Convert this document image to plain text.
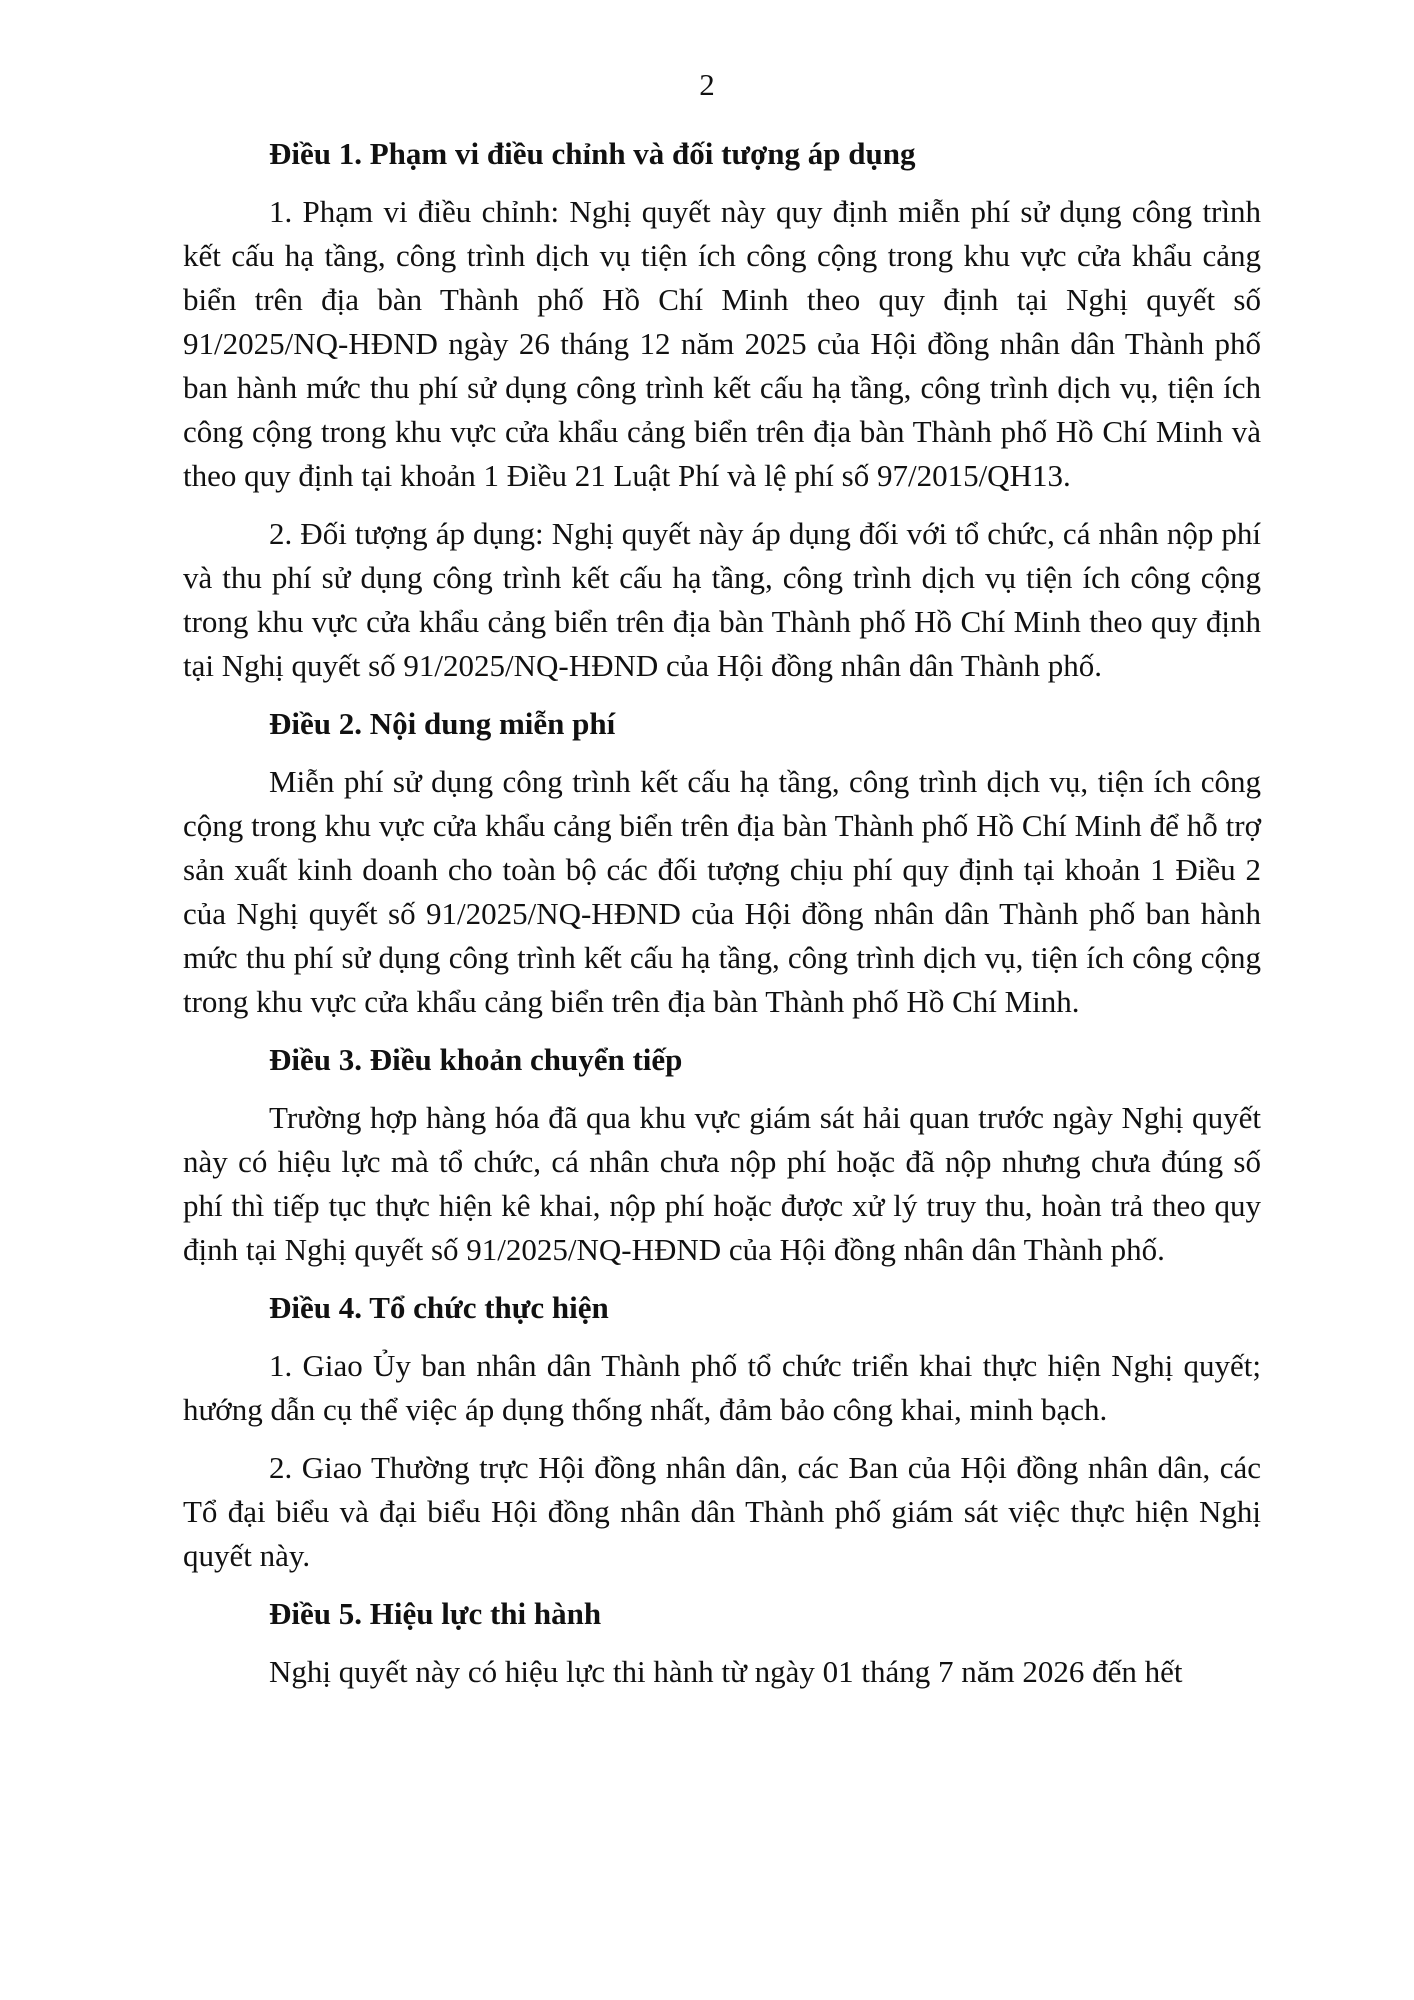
2
Điều 1. Phạm vi điều chỉnh và đối tượng áp dụng
1. Phạm vi điều chỉnh: Nghị quyết này quy định miễn phí sử dụng công trình kết cấu hạ tầng, công trình dịch vụ tiện ích công cộng trong khu vực cửa khẩu cảng biển trên địa bàn Thành phố Hồ Chí Minh theo quy định tại Nghị quyết số 91/2025/NQ-HĐND ngày 26 tháng 12 năm 2025 của Hội đồng nhân dân Thành phố ban hành mức thu phí sử dụng công trình kết cấu hạ tầng, công trình dịch vụ, tiện ích công cộng trong khu vực cửa khẩu cảng biển trên địa bàn Thành phố Hồ Chí Minh và theo quy định tại khoản 1 Điều 21 Luật Phí và lệ phí số 97/2015/QH13.
2. Đối tượng áp dụng: Nghị quyết này áp dụng đối với tổ chức, cá nhân nộp phí và thu phí sử dụng công trình kết cấu hạ tầng, công trình dịch vụ tiện ích công cộng trong khu vực cửa khẩu cảng biển trên địa bàn Thành phố Hồ Chí Minh theo quy định tại Nghị quyết số 91/2025/NQ-HĐND của Hội đồng nhân dân Thành phố.
Điều 2. Nội dung miễn phí
Miễn phí sử dụng công trình kết cấu hạ tầng, công trình dịch vụ, tiện ích công cộng trong khu vực cửa khẩu cảng biển trên địa bàn Thành phố Hồ Chí Minh để hỗ trợ sản xuất kinh doanh cho toàn bộ các đối tượng chịu phí quy định tại khoản 1 Điều 2 của Nghị quyết số 91/2025/NQ-HĐND của Hội đồng nhân dân Thành phố ban hành mức thu phí sử dụng công trình kết cấu hạ tầng, công trình dịch vụ, tiện ích công cộng trong khu vực cửa khẩu cảng biển trên địa bàn Thành phố Hồ Chí Minh.
Điều 3. Điều khoản chuyển tiếp
Trường hợp hàng hóa đã qua khu vực giám sát hải quan trước ngày Nghị quyết này có hiệu lực mà tổ chức, cá nhân chưa nộp phí hoặc đã nộp nhưng chưa đúng số phí thì tiếp tục thực hiện kê khai, nộp phí hoặc được xử lý truy thu, hoàn trả theo quy định tại Nghị quyết số 91/2025/NQ-HĐND của Hội đồng nhân dân Thành phố.
Điều 4. Tổ chức thực hiện
1. Giao Ủy ban nhân dân Thành phố tổ chức triển khai thực hiện Nghị quyết; hướng dẫn cụ thể việc áp dụng thống nhất, đảm bảo công khai, minh bạch.
2. Giao Thường trực Hội đồng nhân dân, các Ban của Hội đồng nhân dân, các Tổ đại biểu và đại biểu Hội đồng nhân dân Thành phố giám sát việc thực hiện Nghị quyết này.
Điều 5. Hiệu lực thi hành
Nghị quyết này có hiệu lực thi hành từ ngày 01 tháng 7 năm 2026 đến hết
